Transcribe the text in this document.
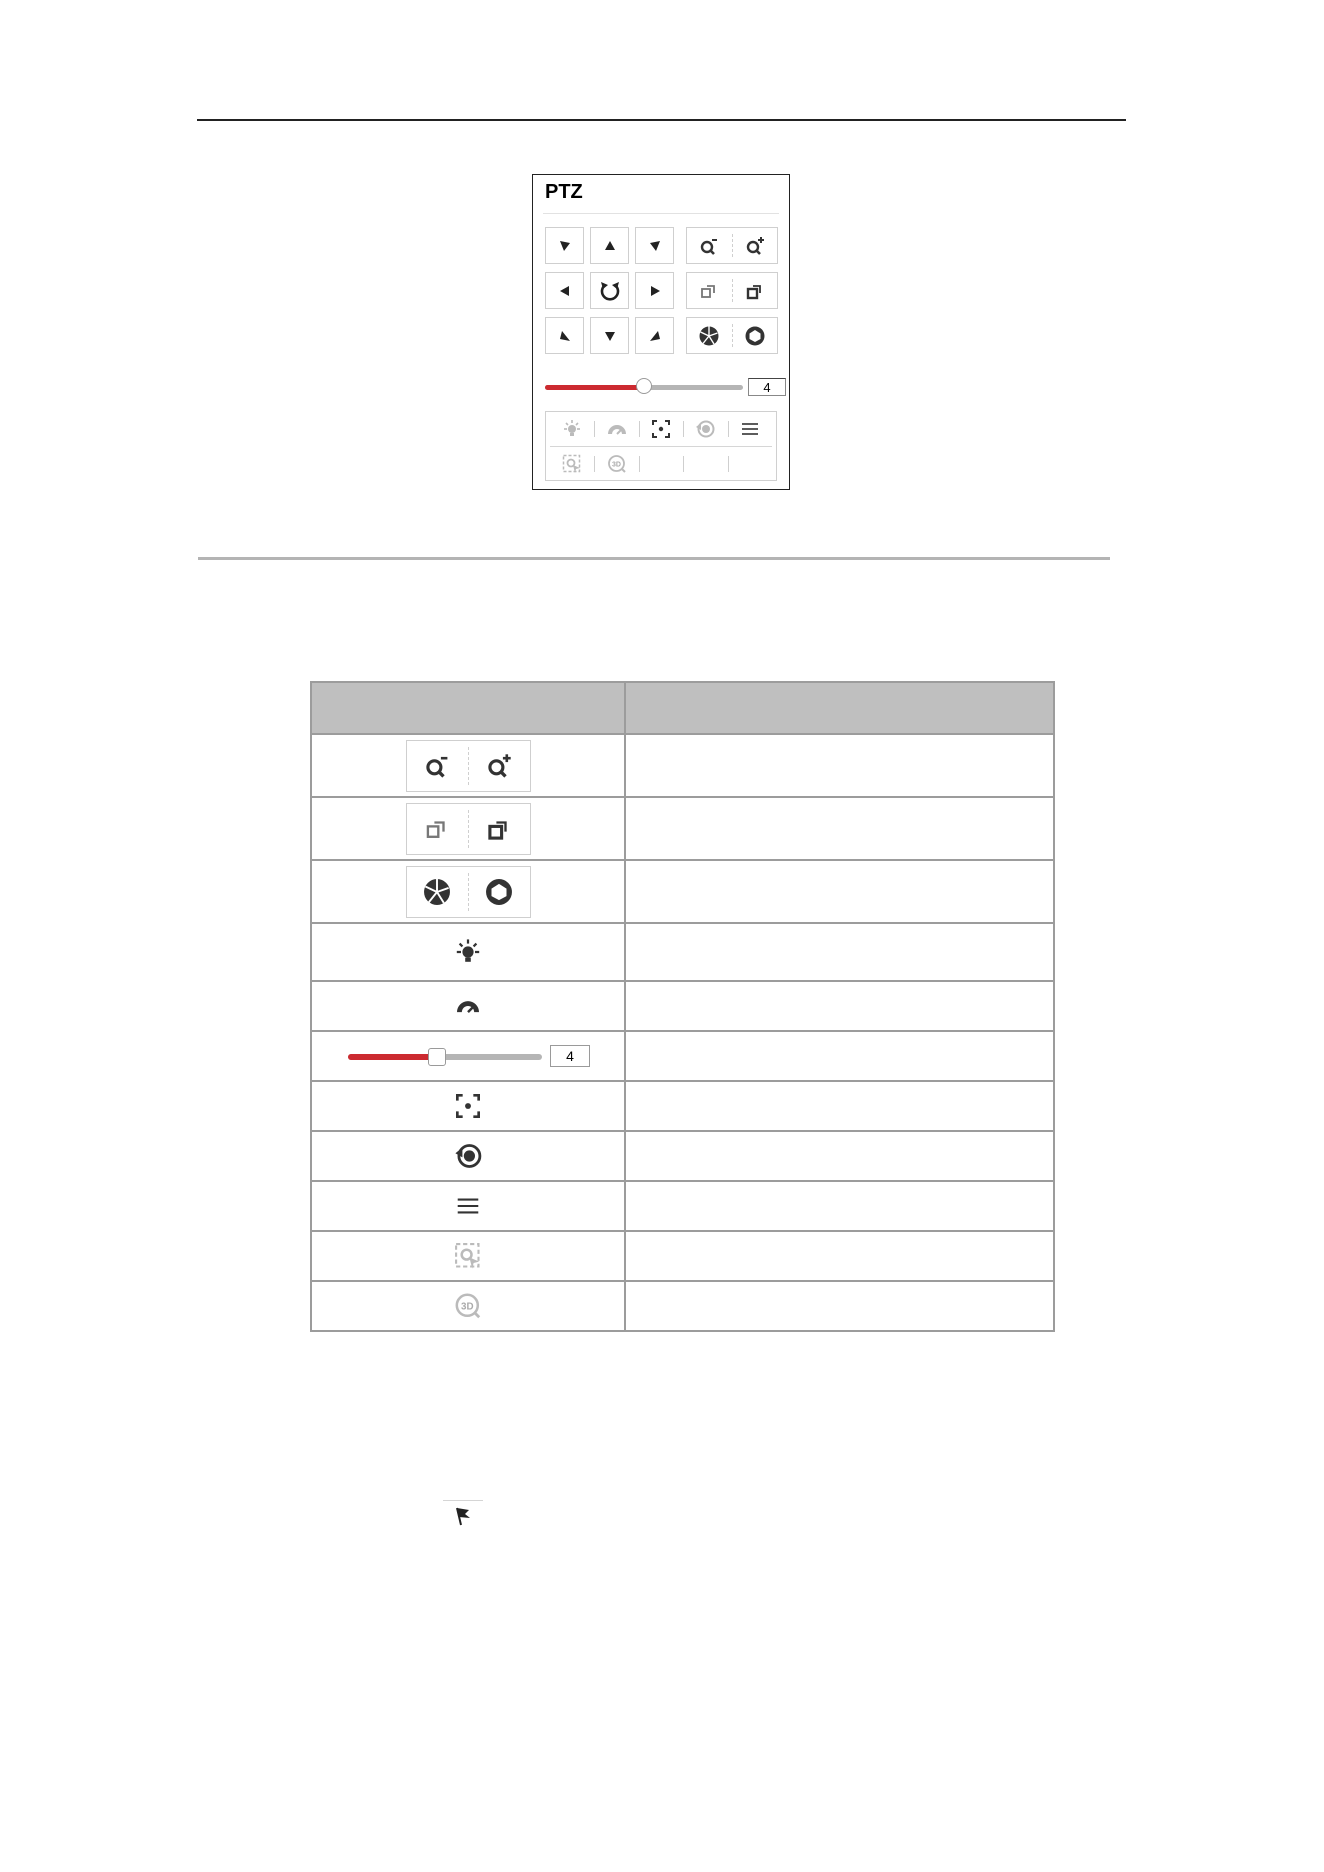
PTZ
4
3D

4	

3D	
